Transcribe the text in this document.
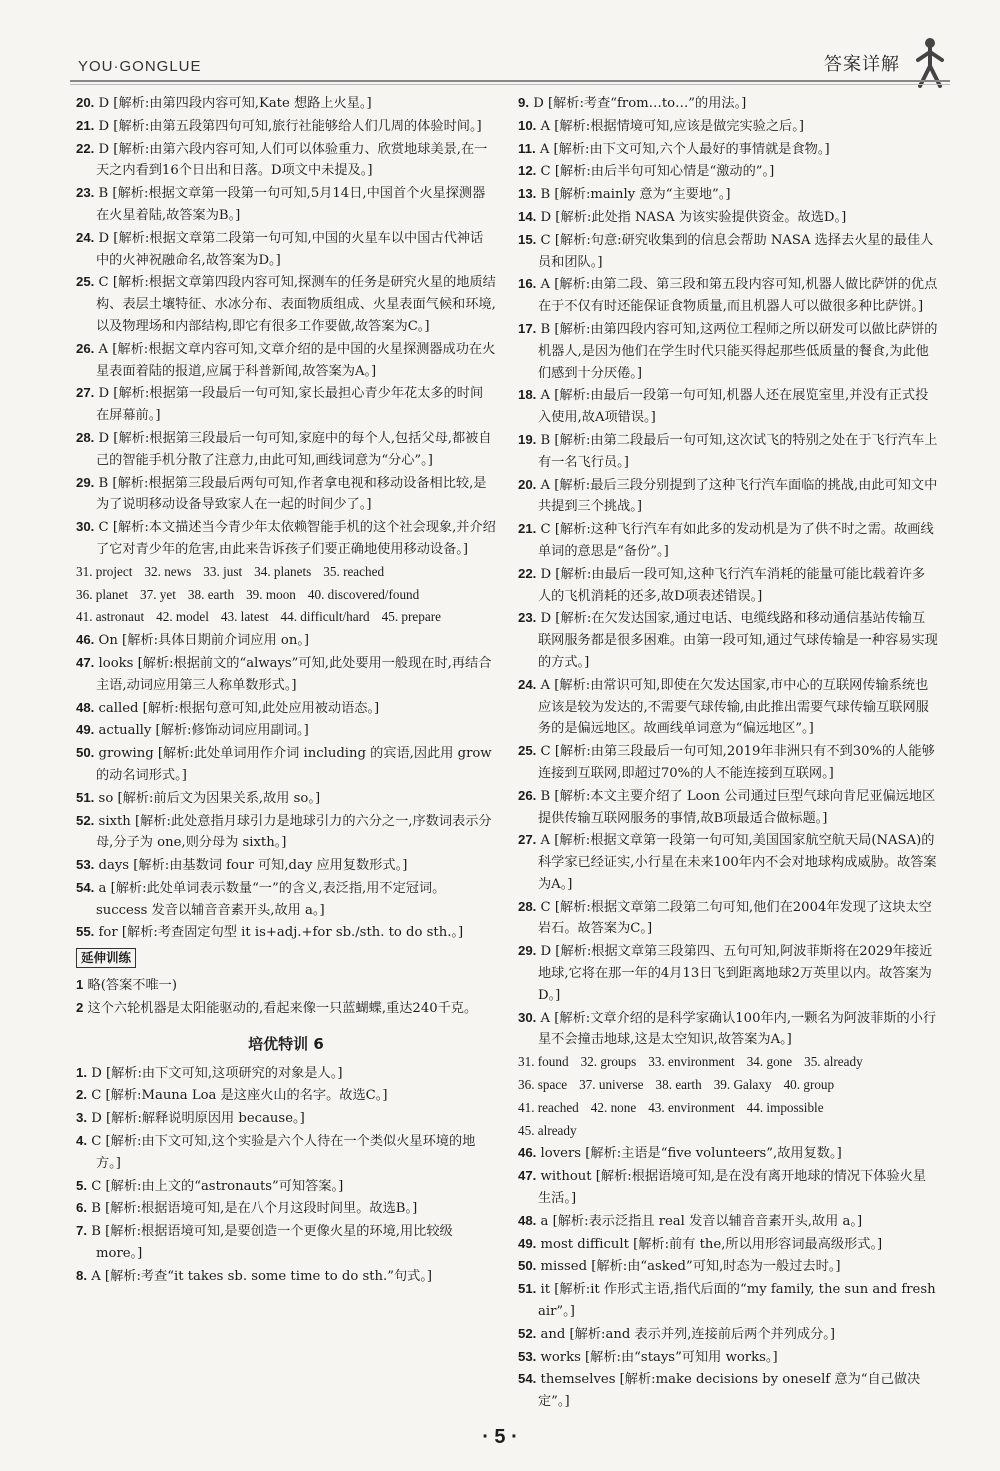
YOU·GONGLUE	答案详解

20. D [解析:由第四段内容可知,Kate 想路上火星。]

21. D [解析:由第五段第四句可知,旅行社能够给人们几周的体验时间。]

22. D [解析:由第六段内容可知,人们可以体验重力、欣赏地球美景,在一天之内看到16个日出和日落。D项文中未提及。]

23. B [解析:根据文章第一段第一句可知,5月14日,中国首个火星探测器在火星着陆,故答案为B。]

24. D [解析:根据文章第二段第一句可知,中国的火星车以中国古代神话中的火神祝融命名,故答案为D。]

25. C [解析:根据文章第四段内容可知,探测车的任务是研究火星的地质结构、表层土壤特征、水冰分布、表面物质组成、火星表面气候和环境,以及物理场和内部结构,即它有很多工作要做,故答案为C。]

26. A [解析:根据文章内容可知,文章介绍的是中国的火星探测器成功在火星表面着陆的报道,应属于科普新闻,故答案为A。]

27. D [解析:根据第一段最后一句可知,家长最担心青少年花太多的时间在屏幕前。]

28. D [解析:根据第三段最后一句可知,家庭中的每个人,包括父母,都被自己的智能手机分散了注意力,由此可知,画线词意为“分心”。]

29. B [解析:根据第三段最后两句可知,作者拿电视和移动设备相比较,是为了说明移动设备导致家人在一起的时间少了。]

30. C [解析:本文描述当今青少年太依赖智能手机的这个社会现象,并介绍了它对青少年的危害,由此来告诉孩子们要正确地使用移动设备。]

31. project 32. news 33. just 34. planets 35. reached
36. planet 37. yet 38. earth 39. moon 40. discovered/found
41. astronaut 42. model 43. latest 44. difficult/hard 45. prepare

46. On [解析:具体日期前介词应用 on。]

47. looks [解析:根据前文的“always”可知,此处要用一般现在时,再结合主语,动词应用第三人称单数形式。]

48. called [解析:根据句意可知,此处应用被动语态。]

49. actually [解析:修饰动词应用副词。]

50. growing [解析:此处单词用作介词 including 的宾语,因此用 grow 的动名词形式。]

51. so [解析:前后文为因果关系,故用 so。]

52. sixth [解析:此处意指月球引力是地球引力的六分之一,序数词表示分母,分子为 one,则分母为 sixth。]

53. days [解析:由基数词 four 可知,day 应用复数形式。]

54. a [解析:此处单词表示数量“一”的含义,表泛指,用不定冠词。success 发音以辅音音素开头,故用 a。]

55. for [解析:考查固定句型 it is+adj.+for sb./sth. to do sth.。]

延伸训练

1 略(答案不唯一)

2 这个六轮机器是太阳能驱动的,看起来像一只蓝蝴蝶,重达240千克。

培优特训 6

1. D [解析:由下文可知,这项研究的对象是人。]

2. C [解析:Mauna Loa 是这座火山的名字。故选C。]

3. D [解析:解释说明原因用 because。]

4. C [解析:由下文可知,这个实验是六个人待在一个类似火星环境的地方。]

5. C [解析:由上文的“astronauts”可知答案。]

6. B [解析:根据语境可知,是在八个月这段时间里。故选B。]

7. B [解析:根据语境可知,是要创造一个更像火星的环境,用比较级 more。]

8. A [解析:考查“it takes sb. some time to do sth.”句式。]

9. D [解析:考查“from…to…”的用法。]

10. A [解析:根据情境可知,应该是做完实验之后。]

11. A [解析:由下文可知,六个人最好的事情就是食物。]

12. C [解析:由后半句可知心情是“激动的”。]

13. B [解析:mainly 意为“主要地”。]

14. D [解析:此处指 NASA 为该实验提供资金。故选D。]

15. C [解析:句意:研究收集到的信息会帮助 NASA 选择去火星的最佳人员和团队。]

16. A [解析:由第二段、第三段和第五段内容可知,机器人做比萨饼的优点在于不仅有时还能保证食物质量,而且机器人可以做很多种比萨饼。]

17. B [解析:由第四段内容可知,这两位工程师之所以研发可以做比萨饼的机器人,是因为他们在学生时代只能买得起那些低质量的餐食,为此他们感到十分厌倦。]

18. A [解析:由最后一段第一句可知,机器人还在展览室里,并没有正式投入使用,故A项错误。]

19. B [解析:由第二段最后一句可知,这次试飞的特别之处在于飞行汽车上有一名飞行员。]

20. A [解析:最后三段分别提到了这种飞行汽车面临的挑战,由此可知文中共提到三个挑战。]

21. C [解析:这种飞行汽车有如此多的发动机是为了供不时之需。故画线单词的意思是“备份”。]

22. D [解析:由最后一段可知,这种飞行汽车消耗的能量可能比载着许多人的飞机消耗的还多,故D项表述错误。]

23. D [解析:在欠发达国家,通过电话、电缆线路和移动通信基站传输互联网服务都是很多困难。由第一段可知,通过气球传输是一种容易实现的方式。]

24. A [解析:由常识可知,即使在欠发达国家,市中心的互联网传输系统也应该是较为发达的,不需要气球传输,由此推出需要气球传输互联网服务的是偏远地区。故画线单词意为“偏远地区”。]

25. C [解析:由第三段最后一句可知,2019年非洲只有不到30%的人能够连接到互联网,即超过70%的人不能连接到互联网。]

26. B [解析:本文主要介绍了 Loon 公司通过巨型气球向肯尼亚偏远地区提供传输互联网服务的事情,故B项最适合做标题。]

27. A [解析:根据文章第一段第一句可知,美国国家航空航天局(NASA)的科学家已经证实,小行星在未来100年内不会对地球构成威胁。故答案为A。]

28. C [解析:根据文章第二段第二句可知,他们在2004年发现了这块太空岩石。故答案为C。]

29. D [解析:根据文章第三段第四、五句可知,阿波菲斯将在2029年接近地球,它将在那一年的4月13日飞到距离地球2万英里以内。故答案为D。]

30. A [解析:文章介绍的是科学家确认100年内,一颗名为阿波菲斯的小行星不会撞击地球,这是太空知识,故答案为A。]

31. found 32. groups 33. environment 34. gone 35. already
36. space 37. universe 38. earth 39. Galaxy 40. group
41. reached 42. none 43. environment 44. impossible
45. already

46. lovers [解析:主语是“five volunteers”,故用复数。]

47. without [解析:根据语境可知,是在没有离开地球的情况下体验火星生活。]

48. a [解析:表示泛指且 real 发音以辅音音素开头,故用 a。]

49. most difficult [解析:前有 the,所以用形容词最高级形式。]

50. missed [解析:由“asked”可知,时态为一般过去时。]

51. it [解析:it 作形式主语,指代后面的“my family, the sun and fresh air”。]

52. and [解析:and 表示并列,连接前后两个并列成分。]

53. works [解析:由“stays”可知用 works。]

54. themselves [解析:make decisions by oneself 意为“自己做决定”。]

· 5 ·
